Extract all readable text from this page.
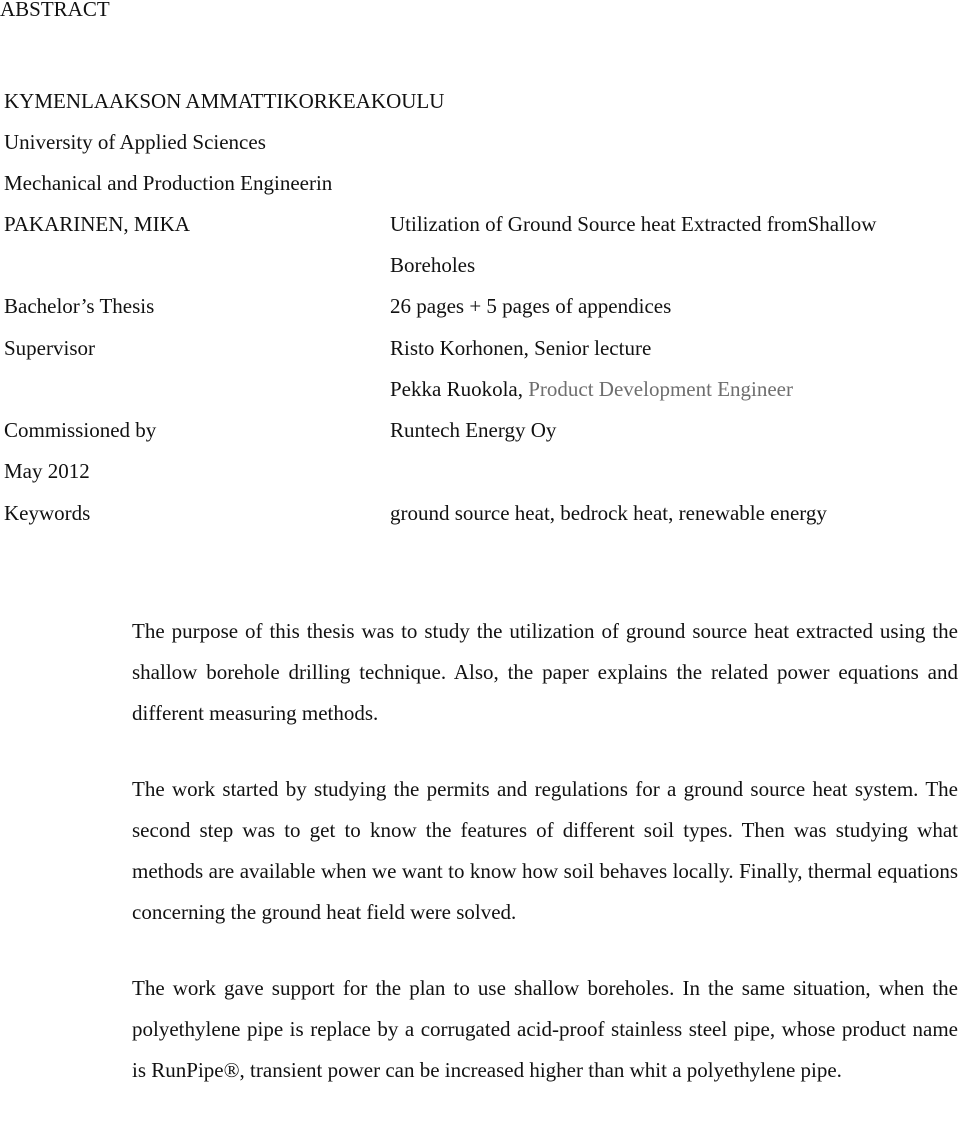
ABSTRACT
KYMENLAAKSON AMMATTIKORKEAKOULU
University of Applied Sciences
Mechanical and Production Engineerin
PAKARINEN, MIKA	Utilization of Ground Source heat Extracted fromShallow
Boreholes
Bachelor’s Thesis	26 pages + 5 pages of appendices
Supervisor	Risto Korhonen, Senior lecture
Pekka Ruokola, Product Development Engineer
Commissioned by	Runtech Energy Oy
May 2012
Keywords	ground source heat, bedrock heat, renewable energy

The purpose of this thesis was to study the utilization of ground source heat extracted using the shallow borehole drilling technique. Also, the paper explains the related power equations and different measuring methods.

The work started by studying the permits and regulations for a ground source heat system. The second step was to get to know the features of different soil types. Then was studying what methods are available when we want to know how soil behaves locally. Finally, thermal equations concerning the ground heat field were solved.

The work gave support for the plan to use shallow boreholes. In the same situation, when the polyethylene pipe is replace by a corrugated acid-proof stainless steel pipe, whose product name is RunPipe®, transient power can be increased higher than whit a polyethylene pipe.
